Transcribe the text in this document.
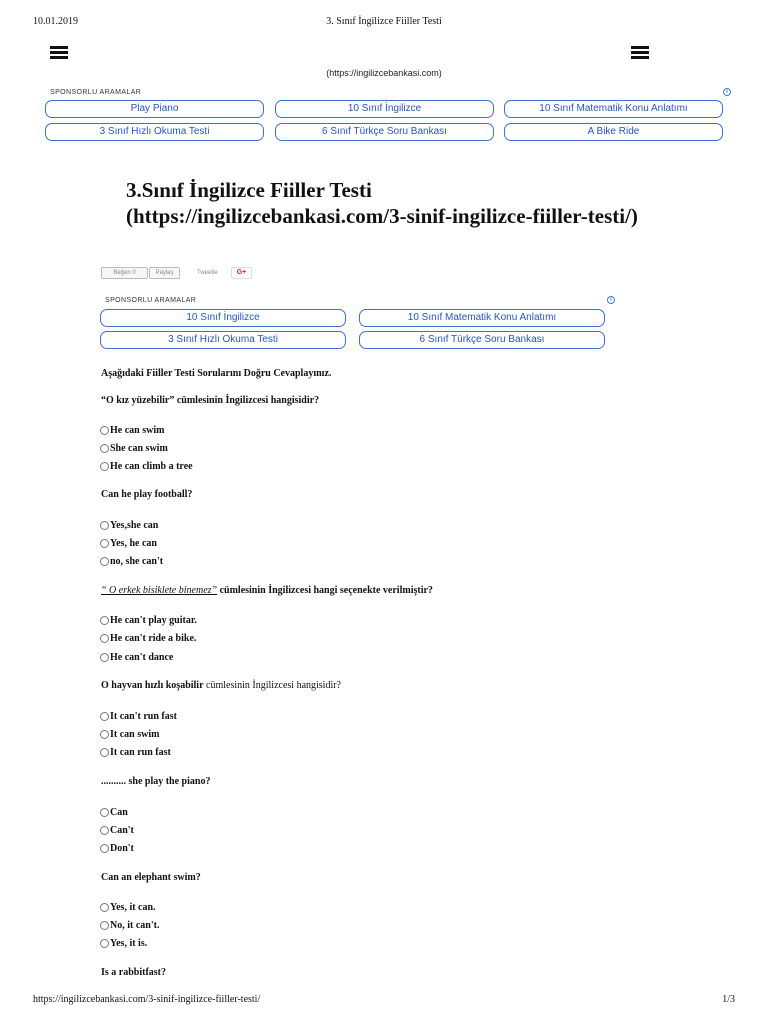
10.01.2019	3. Sınıf İngilizce Fiiller Testi
(https://ingilizcebankasi.com)
SPONSORLU ARAMALAR	i
Play Piano	10 Sınıf İngilizce	10 Sınıf Matematik Konu Anlatımı
3 Sınıf Hızlı Okuma Testi	6 Sınıf Türkçe Soru Bankası	A Bike Ride
3.Sınıf İngilizce Fiiller Testi
(https://ingilizcebankasi.com/3-sinif-ingilizce-fiiller-testi/)
Beğen 0	Paylaş	Tweetle	G+
SPONSORLU ARAMALAR	i
10 Sınıf İngilizce	10 Sınıf Matematik Konu Anlatımı
3 Sınıf Hızlı Okuma Testi	6 Sınıf Türkçe Soru Bankası
Aşağıdaki Fiiller Testi Sorularını Doğru Cevaplayınız.
“O kız yüzebilir” cümlesinin İngilizcesi hangisidir?
He can swim
She can swim
He can climb a tree
Can he play football?
Yes,she can
Yes, he can
no, she can't
“ O erkek bisiklete binemez” cümlesinin İngilizcesi hangi seçenekte verilmiştir?
He can't play guitar.
He can't ride a bike.
He can't dance
O hayvan hızlı koşabilir cümlesinin İngilizcesi hangisidir?
It can't run fast
It can swim
It can run fast
.......... she play the piano?
Can
Can't
Don't
Can an elephant swim?
Yes, it can.
No, it can't.
Yes, it is.
Is a rabbitfast?
https://ingilizcebankasi.com/3-sinif-ingilizce-fiiller-testi/	1/3
